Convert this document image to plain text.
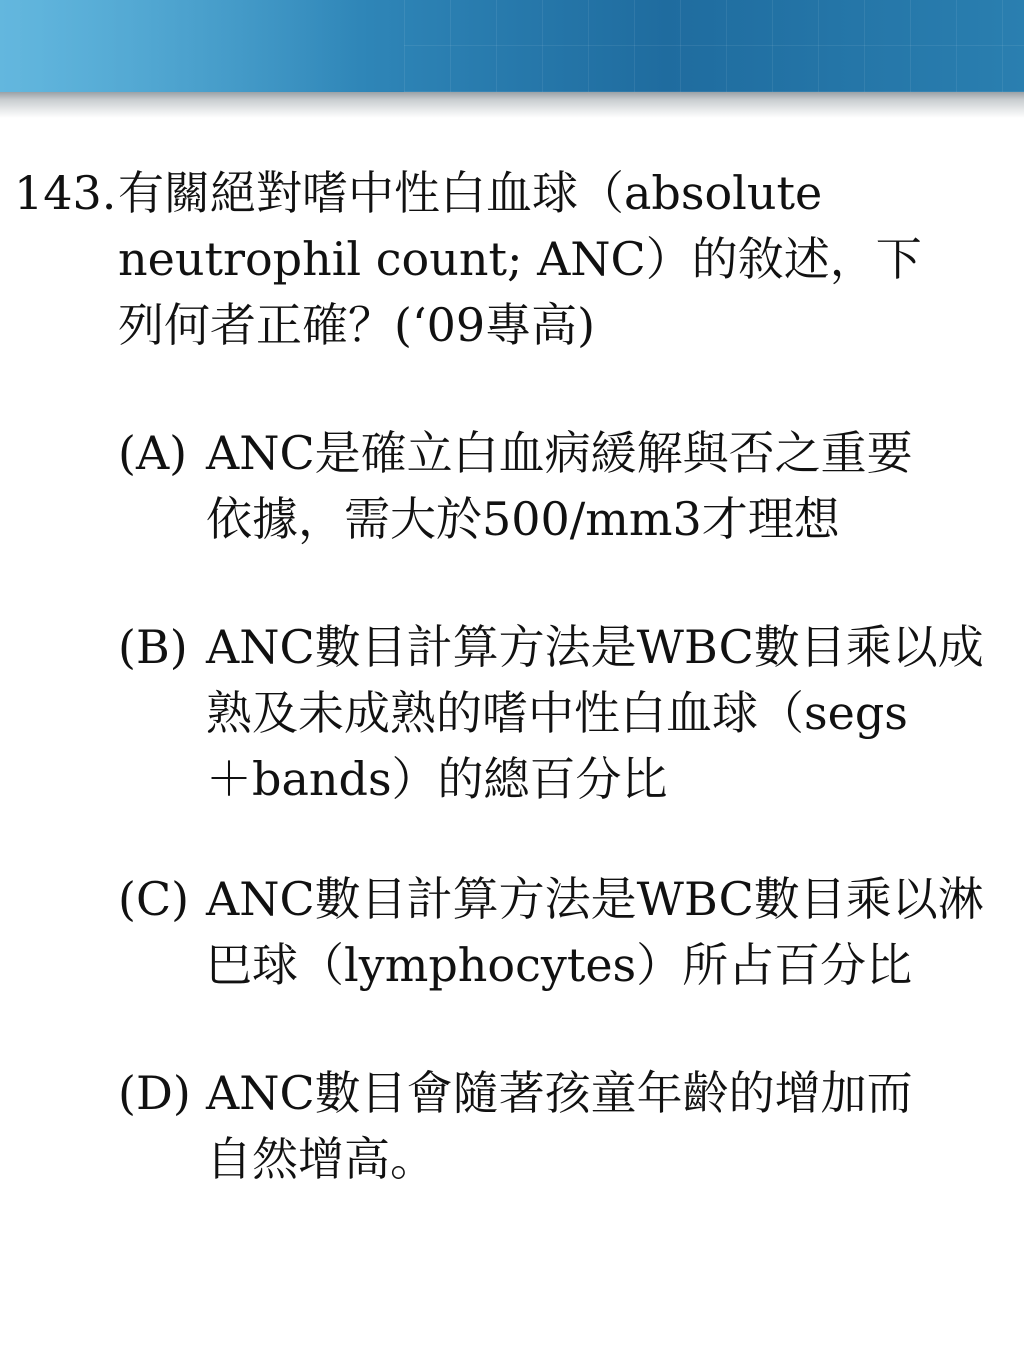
143. 有關絕對嗜中性白血球（absolute
neutrophil count; ANC）的敘述，下
列何者正確？(‘09專高)
(A) ANC是確立白血病緩解與否之重要
依據，需大於500/mm3才理想
(B) ANC數目計算方法是WBC數目乘以成
熟及未成熟的嗜中性白血球（segs
＋bands）的總百分比
(C) ANC數目計算方法是WBC數目乘以淋
巴球（lymphocytes）所占百分比
(D) ANC數目會隨著孩童年齡的增加而
自然增高。
